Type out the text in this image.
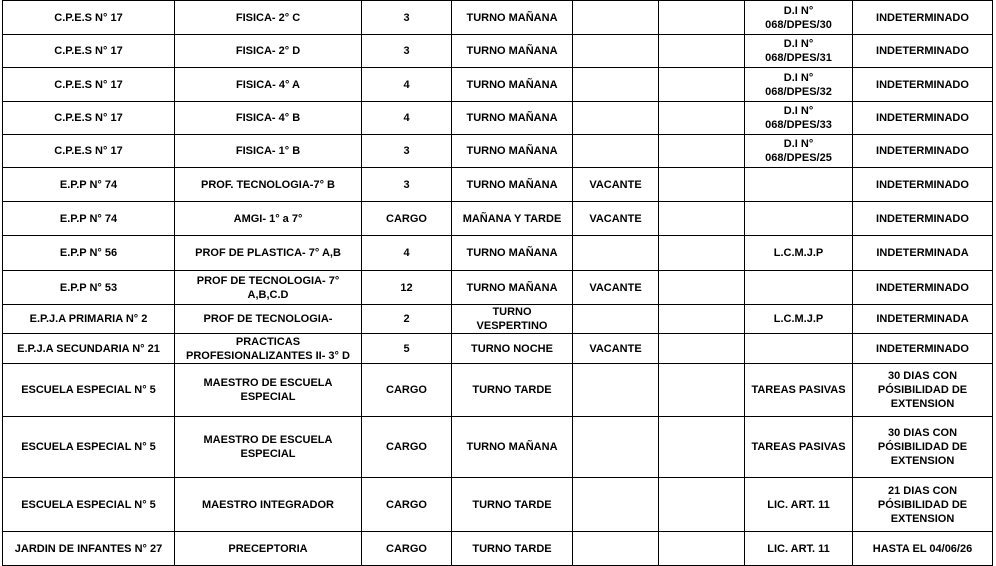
C.P.E.S N° 17	FISICA- 2° C	3	TURNO MAÑANA			D.I N° 068/DPES/30	INDETERMINADO
C.P.E.S N° 17	FISICA- 2° D	3	TURNO MAÑANA			D.I N° 068/DPES/31	INDETERMINADO
C.P.E.S N° 17	FISICA- 4° A	4	TURNO MAÑANA			D.I N° 068/DPES/32	INDETERMINADO
C.P.E.S N° 17	FISICA- 4° B	4	TURNO MAÑANA			D.I N° 068/DPES/33	INDETERMINADO
C.P.E.S N° 17	FISICA- 1° B	3	TURNO MAÑANA			D.I N° 068/DPES/25	INDETERMINADO
E.P.P N° 74	PROF. TECNOLOGIA-7° B	3	TURNO MAÑANA	VACANTE			INDETERMINADO
E.P.P N° 74	AMGI- 1° a 7°	CARGO	MAÑANA Y TARDE	VACANTE			INDETERMINADO
E.P.P N° 56	PROF DE PLASTICA- 7° A,B	4	TURNO MAÑANA			L.C.M.J.P	INDETERMINADA
E.P.P N° 53	PROF DE TECNOLOGIA- 7° A,B,C.D	12	TURNO MAÑANA	VACANTE			INDETERMINADO
E.P.J.A PRIMARIA N° 2	PROF DE TECNOLOGIA-	2	TURNO VESPERTINO			L.C.M.J.P	INDETERMINADA
E.P.J.A SECUNDARIA N° 21	PRACTICAS PROFESIONALIZANTES II- 3° D	5	TURNO NOCHE	VACANTE			INDETERMINADO
ESCUELA ESPECIAL N° 5	MAESTRO DE ESCUELA ESPECIAL	CARGO	TURNO TARDE			TAREAS PASIVAS	30 DIAS CON PÓSIBILIDAD DE EXTENSION
ESCUELA ESPECIAL N° 5	MAESTRO DE ESCUELA ESPECIAL	CARGO	TURNO MAÑANA			TAREAS PASIVAS	30 DIAS CON PÓSIBILIDAD DE EXTENSION
ESCUELA ESPECIAL N° 5	MAESTRO INTEGRADOR	CARGO	TURNO TARDE			LIC. ART. 11	21 DIAS CON PÓSIBILIDAD DE EXTENSION
JARDIN DE INFANTES N° 27	PRECEPTORIA	CARGO	TURNO TARDE			LIC. ART. 11	HASTA EL 04/06/26
